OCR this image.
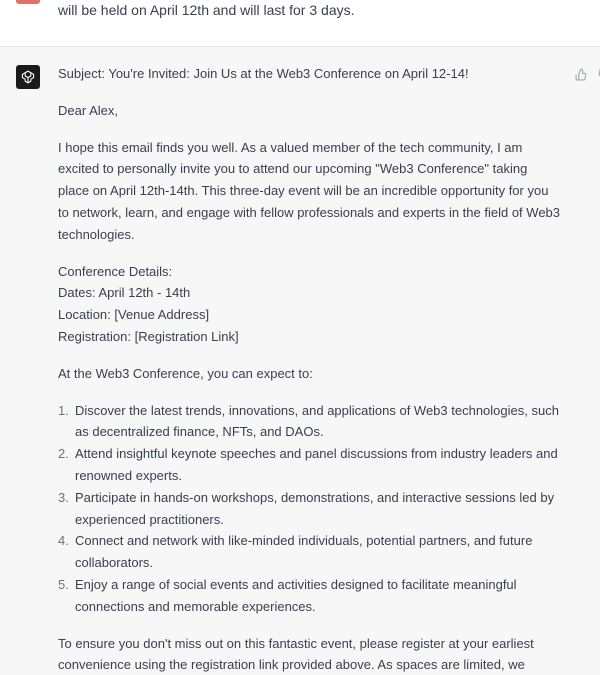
will be held on April 12th and will last for 3 days.

Subject: You're Invited: Join Us at the Web3 Conference on April 12-14!

Dear Alex,

I hope this email finds you well. As a valued member of the tech community, I am excited to personally invite you to attend our upcoming "Web3 Conference" taking place on April 12th-14th. This three-day event will be an incredible opportunity for you to network, learn, and engage with fellow professionals and experts in the field of Web3 technologies.

Conference Details:
Dates: April 12th - 14th
Location: [Venue Address]
Registration: [Registration Link]

At the Web3 Conference, you can expect to:

1. Discover the latest trends, innovations, and applications of Web3 technologies, such as decentralized finance, NFTs, and DAOs.
2. Attend insightful keynote speeches and panel discussions from industry leaders and renowned experts.
3. Participate in hands-on workshops, demonstrations, and interactive sessions led by experienced practitioners.
4. Connect and network with like-minded individuals, potential partners, and future collaborators.
5. Enjoy a range of social events and activities designed to facilitate meaningful connections and memorable experiences.

To ensure you don't miss out on this fantastic event, please register at your earliest convenience using the registration link provided above. As spaces are limited, we
